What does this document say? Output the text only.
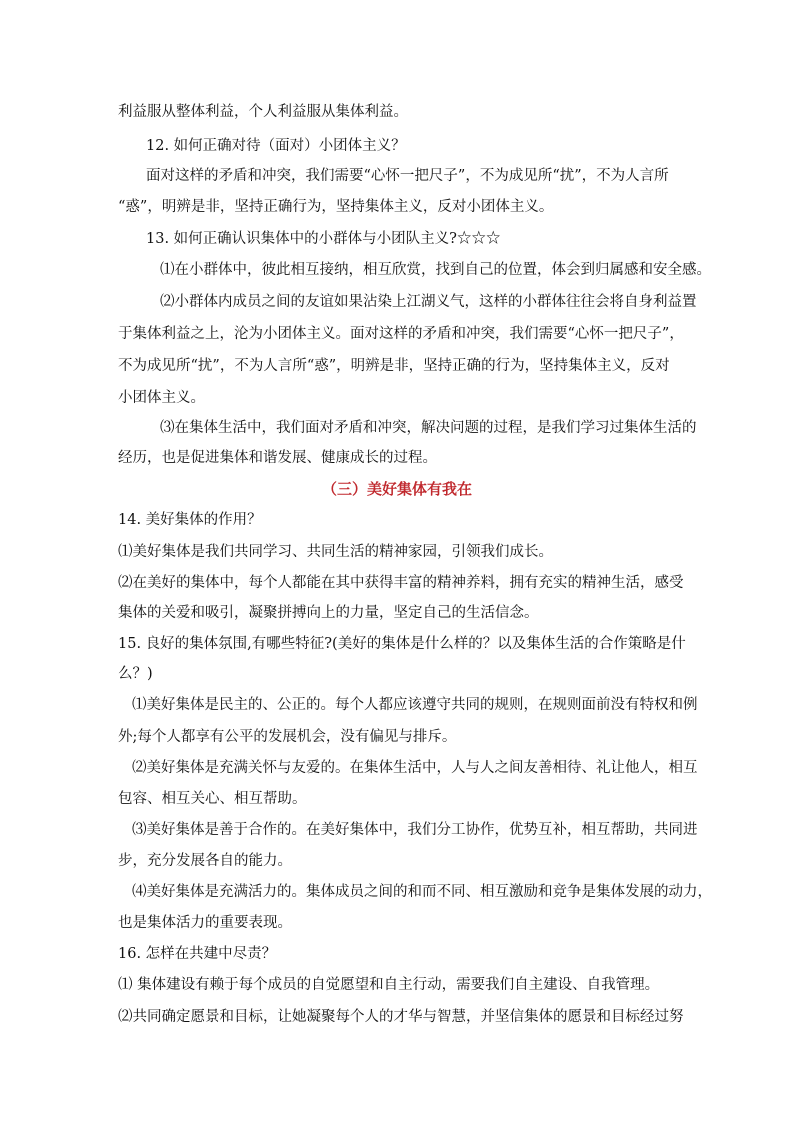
利益服从整体利益，个人利益服从集体利益。
12. 如何正确对待（面对）小团体主义？
面对这样的矛盾和冲突，我们需要“心怀一把尺子”，不为成见所“扰”，不为人言所
“惑”，明辨是非，坚持正确行为，坚持集体主义，反对小团体主义。
13. 如何正确认识集体中的小群体与小团队主义?☆☆☆
⑴在小群体中，彼此相互接纳，相互欣赏，找到自己的位置，体会到归属感和安全感。
⑵小群体内成员之间的友谊如果沾染上江湖义气，这样的小群体往往会将自身利益置
于集体利益之上，沦为小团体主义。面对这样的矛盾和冲突，我们需要“心怀一把尺子”，
不为成见所“扰”，不为人言所“惑”，明辨是非，坚持正确的行为，坚持集体主义，反对
小团体主义。
⑶在集体生活中，我们面对矛盾和冲突，解决问题的过程，是我们学习过集体生活的
经历，也是促进集体和谐发展、健康成长的过程。
（三）美好集体有我在
14. 美好集体的作用？
⑴美好集体是我们共同学习、共同生活的精神家园，引领我们成长。
⑵在美好的集体中，每个人都能在其中获得丰富的精神养料，拥有充实的精神生活，感受
集体的关爱和吸引，凝聚拼搏向上的力量，坚定自己的生活信念。
15. 良好的集体氛围,有哪些特征?(美好的集体是什么样的？以及集体生活的合作策略是什
么？)
⑴美好集体是民主的、公正的。每个人都应该遵守共同的规则，在规则面前没有特权和例
外;每个人都享有公平的发展机会，没有偏见与排斥。
⑵美好集体是充满关怀与友爱的。在集体生活中，人与人之间友善相待、礼让他人，相互
包容、相互关心、相互帮助。
⑶美好集体是善于合作的。在美好集体中，我们分工协作，优势互补，相互帮助，共同进
步，充分发展各自的能力。
⑷美好集体是充满活力的。集体成员之间的和而不同、相互激励和竞争是集体发展的动力，
也是集体活力的重要表现。
16. 怎样在共建中尽责？
⑴ 集体建设有赖于每个成员的自觉愿望和自主行动，需要我们自主建设、自我管理。
⑵共同确定愿景和目标，让她凝聚每个人的才华与智慧，并坚信集体的愿景和目标经过努
